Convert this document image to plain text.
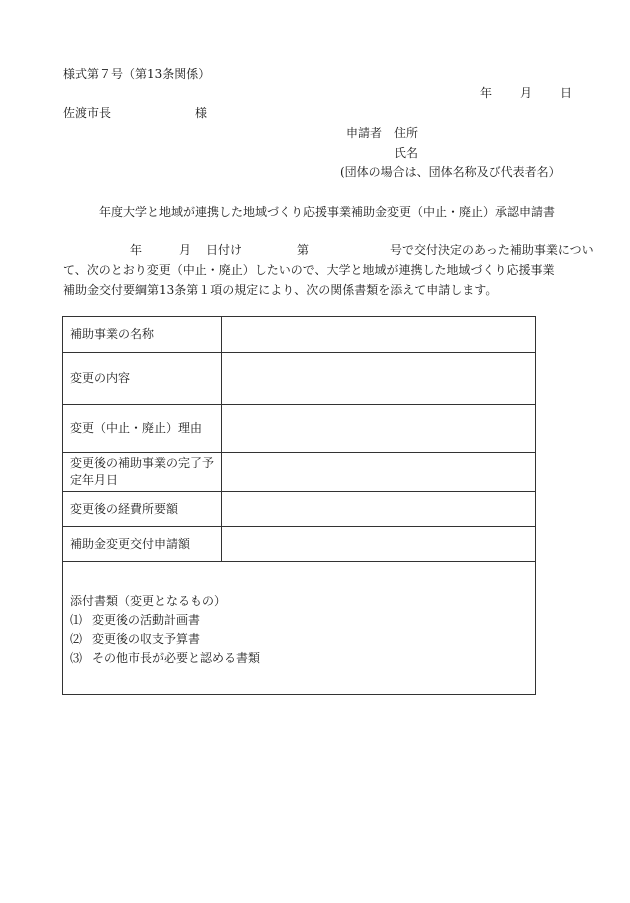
様式第７号（第13条関係）
年 月 日
佐渡市長	様
申請者 住所
氏名
(団体の場合は、団体名称及び代表者名）
年度大学と地域が連携した地域づくり応援事業補助金変更（中止・廃止）承認申請書
年	月 日付け	第	号で交付決定のあった補助事業につい
て、次のとおり変更（中止・廃止）したいので、大学と地域が連携した地域づくり応援事業
補助金交付要綱第13条第１項の規定により、次の関係書類を添えて申請します。
補助事業の名称	
変更の内容	
変更（中止・廃止）理由	
変更後の補助事業の完了予定年月日	
変更後の経費所要額	
補助金変更交付申請額	

添付書類（変更となるもの）
⑴ 変更後の活動計画書
⑵ 変更後の収支予算書
⑶ その他市長が必要と認める書類	
